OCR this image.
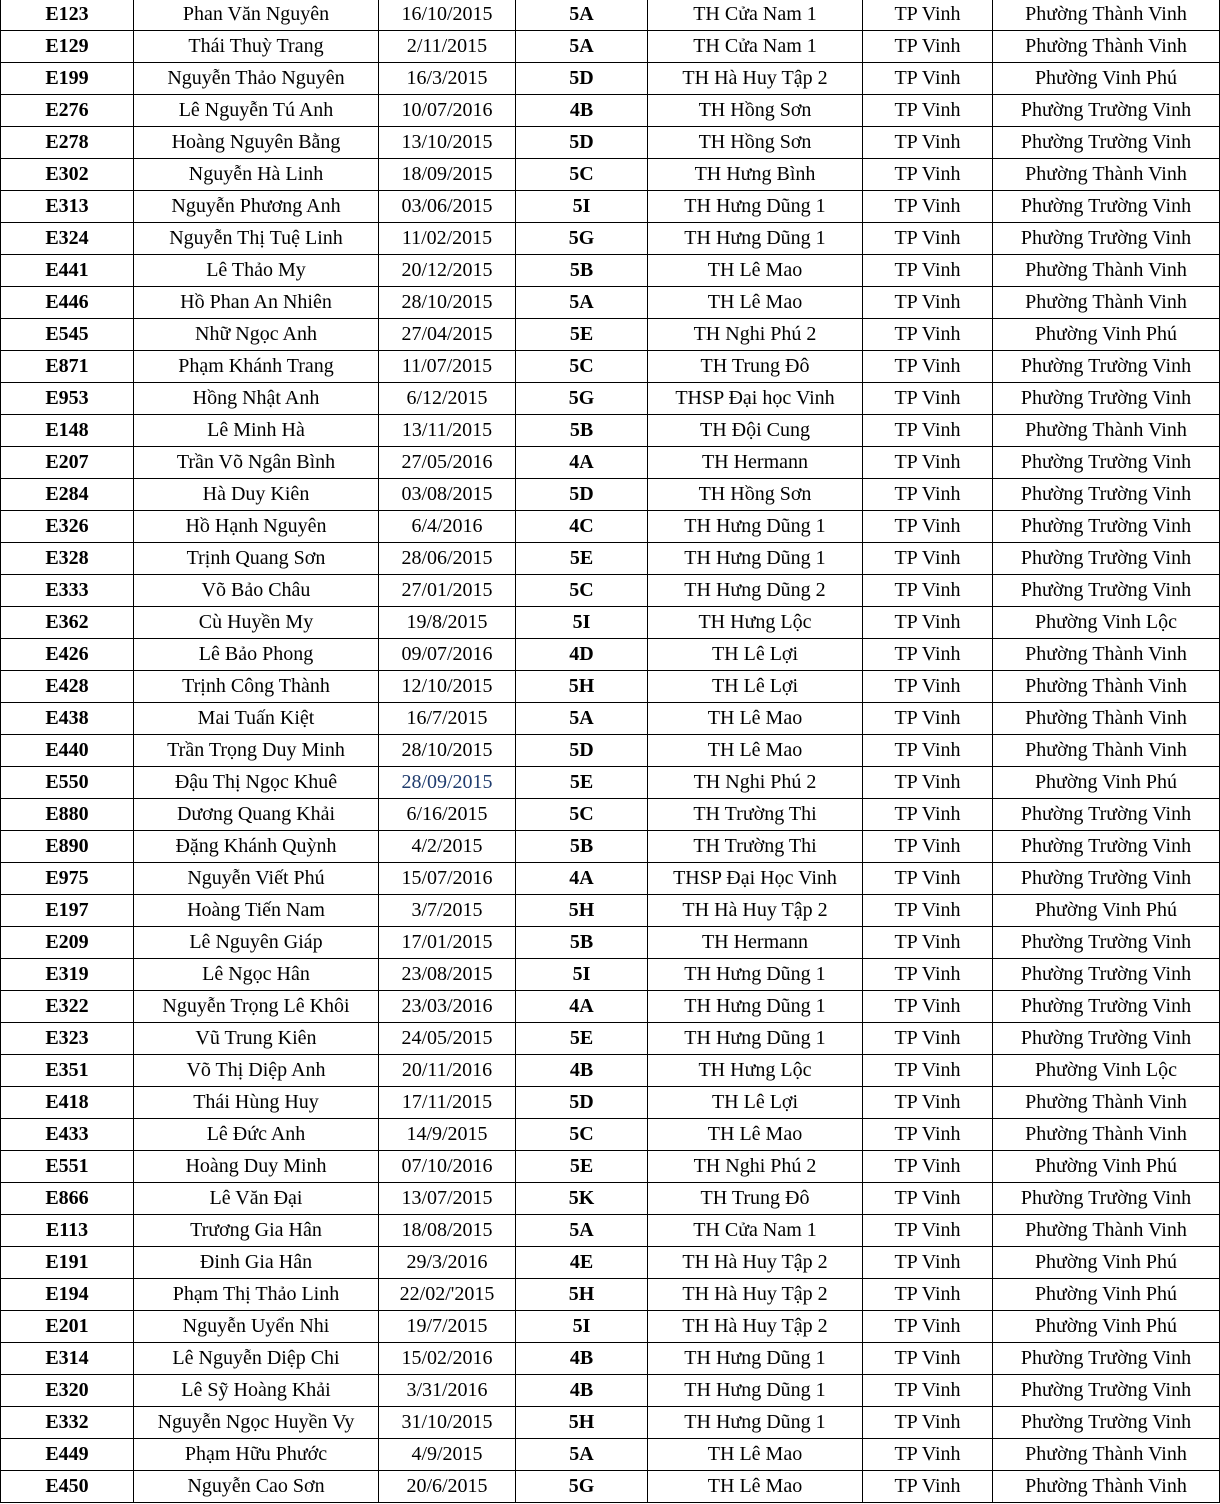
E123	Phan Văn Nguyên	16/10/2015	5A	TH Cửa Nam 1	TP Vinh	Phường Thành Vinh
E129	Thái Thuỳ Trang	2/11/2015	5A	TH Cửa Nam 1	TP Vinh	Phường Thành Vinh
E199	Nguyễn Thảo Nguyên	16/3/2015	5D	TH Hà Huy Tập 2	TP Vinh	Phường Vinh Phú
E276	Lê Nguyễn Tú Anh	10/07/2016	4B	TH Hồng Sơn	TP Vinh	Phường Trường Vinh
E278	Hoàng Nguyên Bằng	13/10/2015	5D	TH Hồng Sơn	TP Vinh	Phường Trường Vinh
E302	Nguyễn Hà Linh	18/09/2015	5C	TH Hưng Bình	TP Vinh	Phường Thành Vinh
E313	Nguyễn Phương Anh	03/06/2015	5I	TH Hưng Dũng 1	TP Vinh	Phường Trường Vinh
E324	Nguyễn Thị Tuệ Linh	11/02/2015	5G	TH Hưng Dũng 1	TP Vinh	Phường Trường Vinh
E441	Lê Thảo My	20/12/2015	5B	TH Lê Mao	TP Vinh	Phường Thành Vinh
E446	Hồ Phan An Nhiên	28/10/2015	5A	TH Lê Mao	TP Vinh	Phường Thành Vinh
E545	Nhữ Ngọc Anh	27/04/2015	5E	TH Nghi Phú 2	TP Vinh	Phường Vinh Phú
E871	Phạm Khánh Trang	11/07/2015	5C	TH Trung Đô	TP Vinh	Phường Trường Vinh
E953	Hồng Nhật Anh	6/12/2015	5G	THSP Đại học Vinh	TP Vinh	Phường Trường Vinh
E148	Lê Minh Hà	13/11/2015	5B	TH Đội Cung	TP Vinh	Phường Thành Vinh
E207	Trần Võ Ngân Bình	27/05/2016	4A	TH Hermann	TP Vinh	Phường Trường Vinh
E284	Hà Duy Kiên	03/08/2015	5D	TH Hồng Sơn	TP Vinh	Phường Trường Vinh
E326	Hồ Hạnh Nguyên	6/4/2016	4C	TH Hưng Dũng 1	TP Vinh	Phường Trường Vinh
E328	Trịnh Quang Sơn	28/06/2015	5E	TH Hưng Dũng 1	TP Vinh	Phường Trường Vinh
E333	Võ Bảo Châu	27/01/2015	5C	TH Hưng Dũng 2	TP Vinh	Phường Trường Vinh
E362	Cù Huyền My	19/8/2015	5I	TH Hưng Lộc	TP Vinh	Phường Vinh Lộc
E426	Lê Bảo Phong	09/07/2016	4D	TH Lê Lợi	TP Vinh	Phường Thành Vinh
E428	Trịnh Công Thành	12/10/2015	5H	TH Lê Lợi	TP Vinh	Phường Thành Vinh
E438	Mai Tuấn Kiệt	16/7/2015	5A	TH Lê Mao	TP Vinh	Phường Thành Vinh
E440	Trần Trọng Duy Minh	28/10/2015	5D	TH Lê Mao	TP Vinh	Phường Thành Vinh
E550	Đậu Thị Ngọc Khuê	28/09/2015	5E	TH Nghi Phú 2	TP Vinh	Phường Vinh Phú
E880	Dương Quang Khải	6/16/2015	5C	TH Trường Thi	TP Vinh	Phường Trường Vinh
E890	Đặng Khánh Quỳnh	4/2/2015	5B	TH Trường Thi	TP Vinh	Phường Trường Vinh
E975	Nguyễn Viết Phú	15/07/2016	4A	THSP Đại Học Vinh	TP Vinh	Phường Trường Vinh
E197	Hoàng Tiến Nam	3/7/2015	5H	TH Hà Huy Tập 2	TP Vinh	Phường Vinh Phú
E209	Lê Nguyên Giáp	17/01/2015	5B	TH Hermann	TP Vinh	Phường Trường Vinh
E319	Lê Ngọc Hân	23/08/2015	5I	TH Hưng Dũng 1	TP Vinh	Phường Trường Vinh
E322	Nguyễn Trọng Lê Khôi	23/03/2016	4A	TH Hưng Dũng 1	TP Vinh	Phường Trường Vinh
E323	Vũ Trung Kiên	24/05/2015	5E	TH Hưng Dũng 1	TP Vinh	Phường Trường Vinh
E351	Võ Thị Diệp Anh	20/11/2016	4B	TH Hưng Lộc	TP Vinh	Phường Vinh Lộc
E418	Thái Hùng Huy	17/11/2015	5D	TH Lê Lợi	TP Vinh	Phường Thành Vinh
E433	Lê Đức Anh	14/9/2015	5C	TH Lê Mao	TP Vinh	Phường Thành Vinh
E551	Hoàng Duy Minh	07/10/2016	5E	TH Nghi Phú 2	TP Vinh	Phường Vinh Phú
E866	Lê Văn Đại	13/07/2015	5K	TH Trung Đô	TP Vinh	Phường Trường Vinh
E113	Trương Gia Hân	18/08/2015	5A	TH Cửa Nam 1	TP Vinh	Phường Thành Vinh
E191	Đinh Gia Hân	29/3/2016	4E	TH Hà Huy Tập 2	TP Vinh	Phường Vinh Phú
E194	Phạm Thị Thảo Linh	22/02/'2015	5H	TH Hà Huy Tập 2	TP Vinh	Phường Vinh Phú
E201	Nguyễn Uyển Nhi	19/7/2015	5I	TH Hà Huy Tập 2	TP Vinh	Phường Vinh Phú
E314	Lê Nguyễn Diệp Chi	15/02/2016	4B	TH Hưng Dũng 1	TP Vinh	Phường Trường Vinh
E320	Lê Sỹ Hoàng Khải	3/31/2016	4B	TH Hưng Dũng 1	TP Vinh	Phường Trường Vinh
E332	Nguyễn Ngọc Huyền Vy	31/10/2015	5H	TH Hưng Dũng 1	TP Vinh	Phường Trường Vinh
E449	Phạm Hữu Phước	4/9/2015	5A	TH Lê Mao	TP Vinh	Phường Thành Vinh
E450	Nguyễn Cao Sơn	20/6/2015	5G	TH Lê Mao	TP Vinh	Phường Thành Vinh
